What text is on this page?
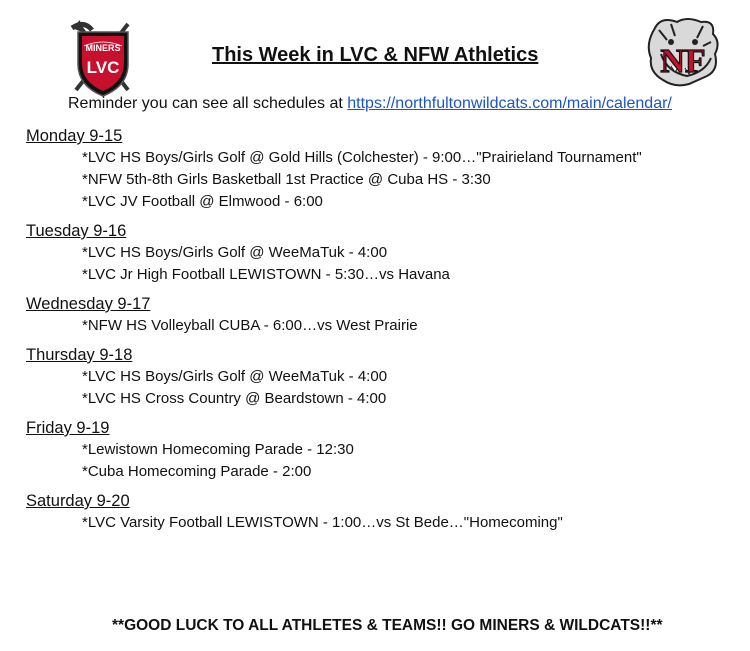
MINERS
LVC
This Week in LVC & NFW Athletics	NF
Reminder you can see all schedules at https://northfultonwildcats.com/main/calendar/
Monday 9-15
*LVC HS Boys/Girls Golf @ Gold Hills (Colchester) - 9:00…"Prairieland Tournament"
*NFW 5th-8th Girls Basketball 1st Practice @ Cuba HS - 3:30
*LVC JV Football @ Elmwood - 6:00
Tuesday 9-16
*LVC HS Boys/Girls Golf @ WeeMaTuk - 4:00
*LVC Jr High Football LEWISTOWN - 5:30…vs Havana
Wednesday 9-17
*NFW HS Volleyball CUBA - 6:00…vs West Prairie
Thursday 9-18
*LVC HS Boys/Girls Golf @ WeeMaTuk - 4:00
*LVC HS Cross Country @ Beardstown - 4:00
Friday 9-19
*Lewistown Homecoming Parade - 12:30
*Cuba Homecoming Parade - 2:00
Saturday 9-20
*LVC Varsity Football LEWISTOWN - 1:00…vs St Bede…"Homecoming"
**GOOD LUCK TO ALL ATHLETES & TEAMS!! GO MINERS & WILDCATS!!**
